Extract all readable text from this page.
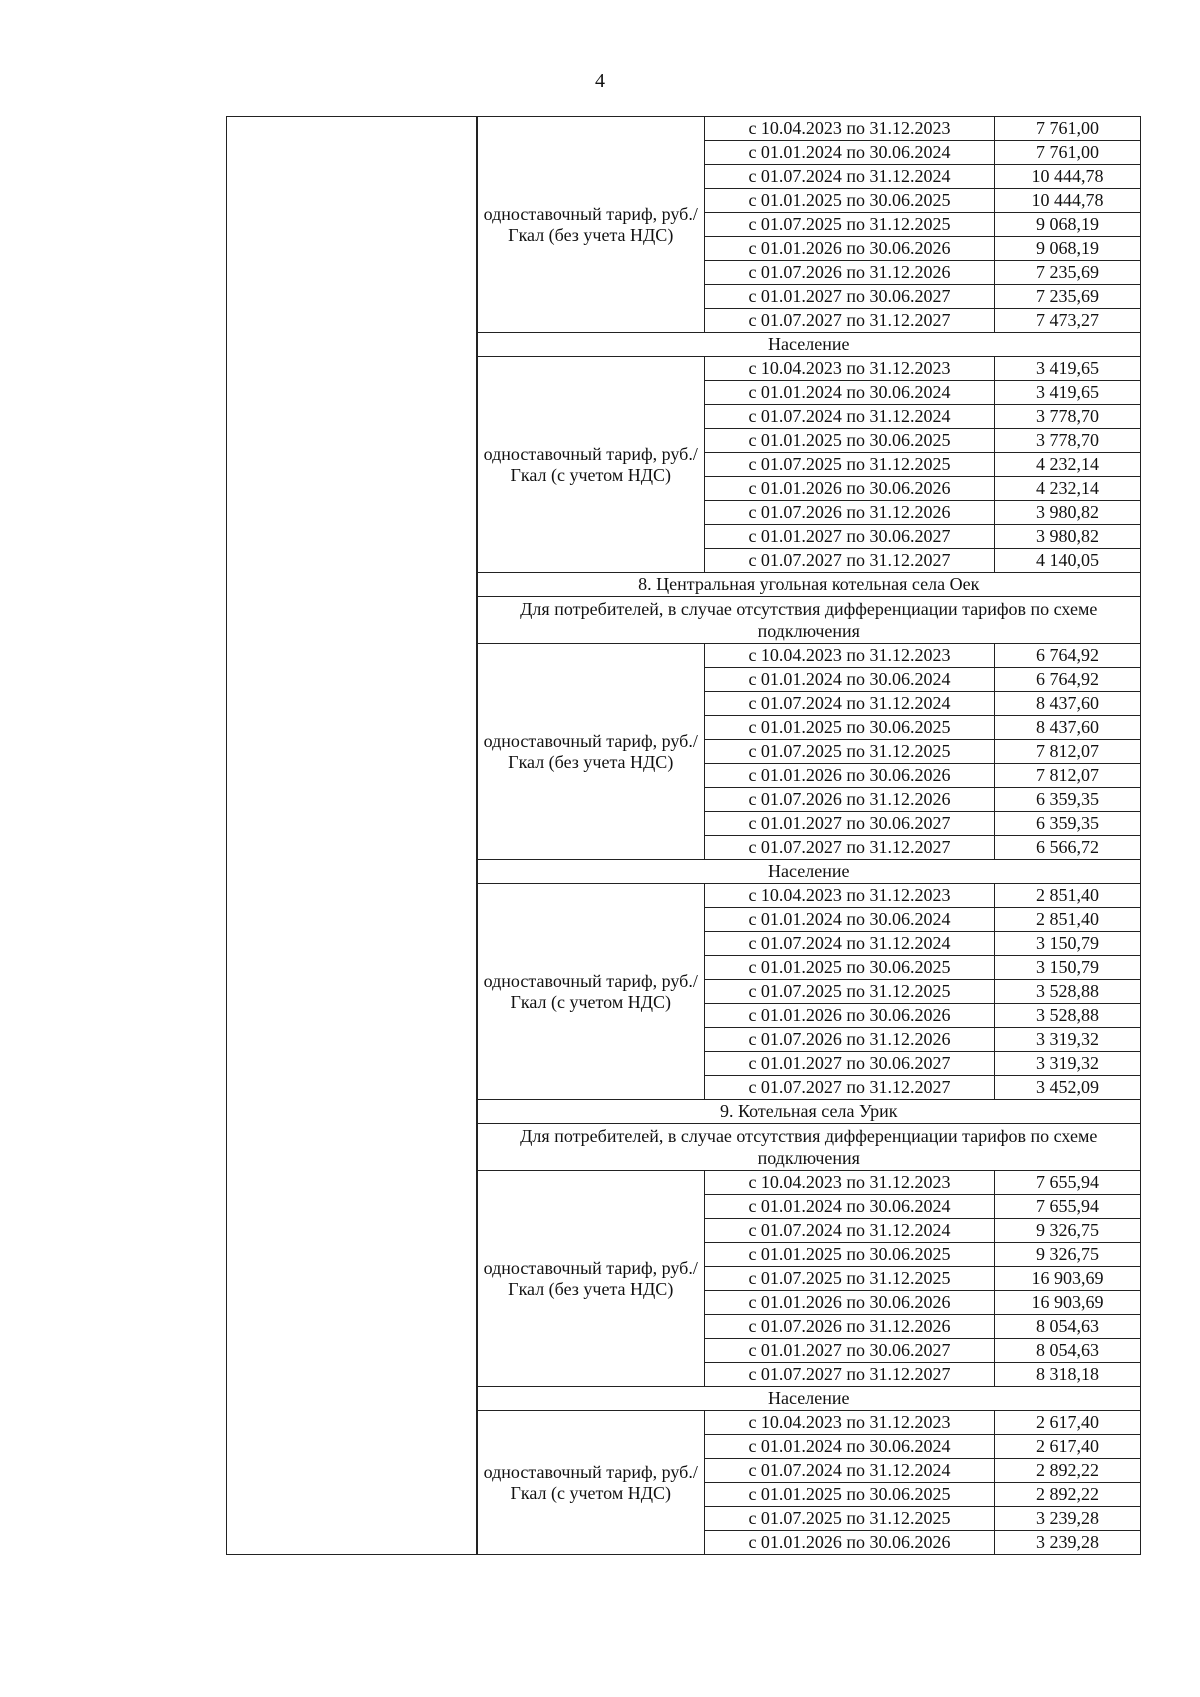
4
	одноставочный тариф, руб./Гкал (без учета НДС)	с 10.04.2023 по 31.12.2023	7 761,00
		с 01.01.2024 по 30.06.2024	7 761,00
		с 01.07.2024 по 31.12.2024	10 444,78
		с 01.01.2025 по 30.06.2025	10 444,78
		с 01.07.2025 по 31.12.2025	9 068,19
		с 01.01.2026 по 30.06.2026	9 068,19
		с 01.07.2026 по 31.12.2026	7 235,69
		с 01.01.2027 по 30.06.2027	7 235,69
		с 01.07.2027 по 31.12.2027	7 473,27
	Население		
	одноставочный тариф, руб./Гкал (с учетом НДС)	с 10.04.2023 по 31.12.2023	3 419,65
		с 01.01.2024 по 30.06.2024	3 419,65
		с 01.07.2024 по 31.12.2024	3 778,70
		с 01.01.2025 по 30.06.2025	3 778,70
		с 01.07.2025 по 31.12.2025	4 232,14
		с 01.01.2026 по 30.06.2026	4 232,14
		с 01.07.2026 по 31.12.2026	3 980,82
		с 01.01.2027 по 30.06.2027	3 980,82
		с 01.07.2027 по 31.12.2027	4 140,05
	8. Центральная угольная котельная села Оек		
	Для потребителей, в случае отсутствия дифференциации тарифов по схеме подключения		
	одноставочный тариф, руб./Гкал (без учета НДС)	с 10.04.2023 по 31.12.2023	6 764,92
		с 01.01.2024 по 30.06.2024	6 764,92
		с 01.07.2024 по 31.12.2024	8 437,60
		с 01.01.2025 по 30.06.2025	8 437,60
		с 01.07.2025 по 31.12.2025	7 812,07
		с 01.01.2026 по 30.06.2026	7 812,07
		с 01.07.2026 по 31.12.2026	6 359,35
		с 01.01.2027 по 30.06.2027	6 359,35
		с 01.07.2027 по 31.12.2027	6 566,72
	Население		
	одноставочный тариф, руб./Гкал (с учетом НДС)	с 10.04.2023 по 31.12.2023	2 851,40
		с 01.01.2024 по 30.06.2024	2 851,40
		с 01.07.2024 по 31.12.2024	3 150,79
		с 01.01.2025 по 30.06.2025	3 150,79
		с 01.07.2025 по 31.12.2025	3 528,88
		с 01.01.2026 по 30.06.2026	3 528,88
		с 01.07.2026 по 31.12.2026	3 319,32
		с 01.01.2027 по 30.06.2027	3 319,32
		с 01.07.2027 по 31.12.2027	3 452,09
	9. Котельная села Урик		
	Для потребителей, в случае отсутствия дифференциации тарифов по схеме подключения		
	одноставочный тариф, руб./Гкал (без учета НДС)	с 10.04.2023 по 31.12.2023	7 655,94
		с 01.01.2024 по 30.06.2024	7 655,94
		с 01.07.2024 по 31.12.2024	9 326,75
		с 01.01.2025 по 30.06.2025	9 326,75
		с 01.07.2025 по 31.12.2025	16 903,69
		с 01.01.2026 по 30.06.2026	16 903,69
		с 01.07.2026 по 31.12.2026	8 054,63
		с 01.01.2027 по 30.06.2027	8 054,63
		с 01.07.2027 по 31.12.2027	8 318,18
	Население		
	одноставочный тариф, руб./Гкал (с учетом НДС)	с 10.04.2023 по 31.12.2023	2 617,40
		с 01.01.2024 по 30.06.2024	2 617,40
		с 01.07.2024 по 31.12.2024	2 892,22
		с 01.01.2025 по 30.06.2025	2 892,22
		с 01.07.2025 по 31.12.2025	3 239,28
		с 01.01.2026 по 30.06.2026	3 239,28
